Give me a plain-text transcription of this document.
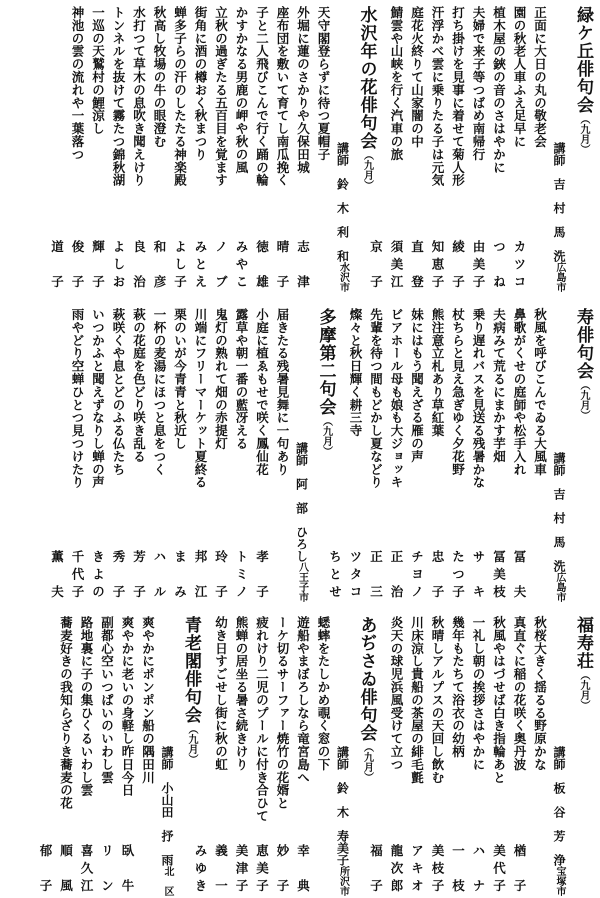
緑ケ丘俳句会（九月）
講師　吉　村　馬　洗広島市
正面に大日の丸の敬老会
カツコ
園の秋老人車ふえ足早に
つ　ね
植木屋の鋏の音のさはやかに
由美子
夫婦で来子等つばめ南帰行
綾　子
打ち掛けを見事に着せて菊人形
知恵子
汗浮かべ雲に乗りたる子は元気
直　登
庭花火終りて山家闇の中
須美江
鯖雲や山峡を行く汽車の旅
京　子
水沢年の花俳句会（九月）
講師　鈴　木　利　和水沢市
天守閣登らずに待つ夏帽子
志　津
外堀に蓮のさかりや久保田城
晴　子
座布団を敷いて育てし南瓜挽く
徳　雄
子と二人飛びこんで行く踊の輪
みやこ
かすかなる男鹿の岬や秋の風
ノ　ブ
立秋の過ぎたる五百目を覚ます
みとえ
街角に酒の樽おく秋まつり
よし子
蝉多子らの汗のしたたる神楽殿
和　彦
秋高し牧場の牛の眼澄む
良　治
水打つて草木の息吹き聞えけり
よしお
トンネルを抜けて霧たつ錦秋湖
輝　子
一巡の天鷲村の鯉涼し
俊　子
神池の雲の流れや一葉落つ
道　子
寿俳句会（九月）
講師　吉　村　馬　洗広島市
秋風を呼びこんでゐる大風車
冨　夫
鼻歌がくせの庭師や松手入れ
冨美枝
夫病みて荒るにまかす芋畑
サ　キ
乗り遅れバスを見送る残暑かな
たつ子
杖ちらと見え急ぎゆく夕花野
忠　子
熊注意立札あり草紅葉
チヨノ
妹にはもう聞えざる雁の声
正　治
ビアホール母も娘も大ジョッキ
正　三
先輩を待つ間もどかし夏などり
ツタコ
燦々と秋日輝く耕三寺
ちとせ
多摩第二句会（九月）
講師　阿　部　ひろし八王子市
届きたる残暑見舞に一句あり
孝　子
小庭に植ゑもせで咲く鳳仙花
トミノ
露草や朝一番の藍冴える
玲　子
鬼灯の熟れて畑の赤提灯
邦　江
川端にフリーマーケット夏終る
ま　み
栗のいが今青青と秋近し
ハ　ル
一杯の麦湯にほつと息をつく
芳　子
萩の花庭を色どり咲き乱る
秀　子
萩咲くや息とどのふる仏たち
きよの
いつかふと聞えずなりし蝉の声
千代子
雨やどり空蝉ひとつ見つけたり
薫　夫
福寿荘（九月）
講師　板　谷　芳　浄宝塚市
秋桜大きく揺るる野原かな
楢　子
真直ぐに稲の花咲く奥丹波
美代子
秋風やはづせば白き指輪あと
ハ　ナ
一礼し朝の挨拶さはやかに
一　枝
幾年もたちて浴衣の幼柄
美枝子
秋晴しアルプスの天回し飲む
アキオ
川床涼し貴船の茶屋の緋毛氈
龍次郎
炎天の球児浜風受けて立つ
福　子
あぢさゐ俳句会（九月）
講師　鈴　木　寿美子所沢市
蟋蟀をたしかめ覗く窓の下
幸　典
遊船やまぼろしなら竜宮島へ
妙　子
ーケ切るサーファー焼竹の花婿と
恵美子
疲れけり二児のプールに付き合ひて
美津子
熊蝉の居坐る暑さ続きけり
義　一
幼き日すごせし街に秋の虹
みゆき
青老閣俳句会（九月）
講師　小山田　抒　雨北　区
爽やかにポンポン船の隅田川
臥　牛
爽やかに老いの身軽し昨日今日
リ　ン
副都心空いつぱいのいわし雲
喜久江
路地裏に子の集ひくるいわし雲
順　風
蕎麦好きの我知らざりき蕎麦の花
郁　子
